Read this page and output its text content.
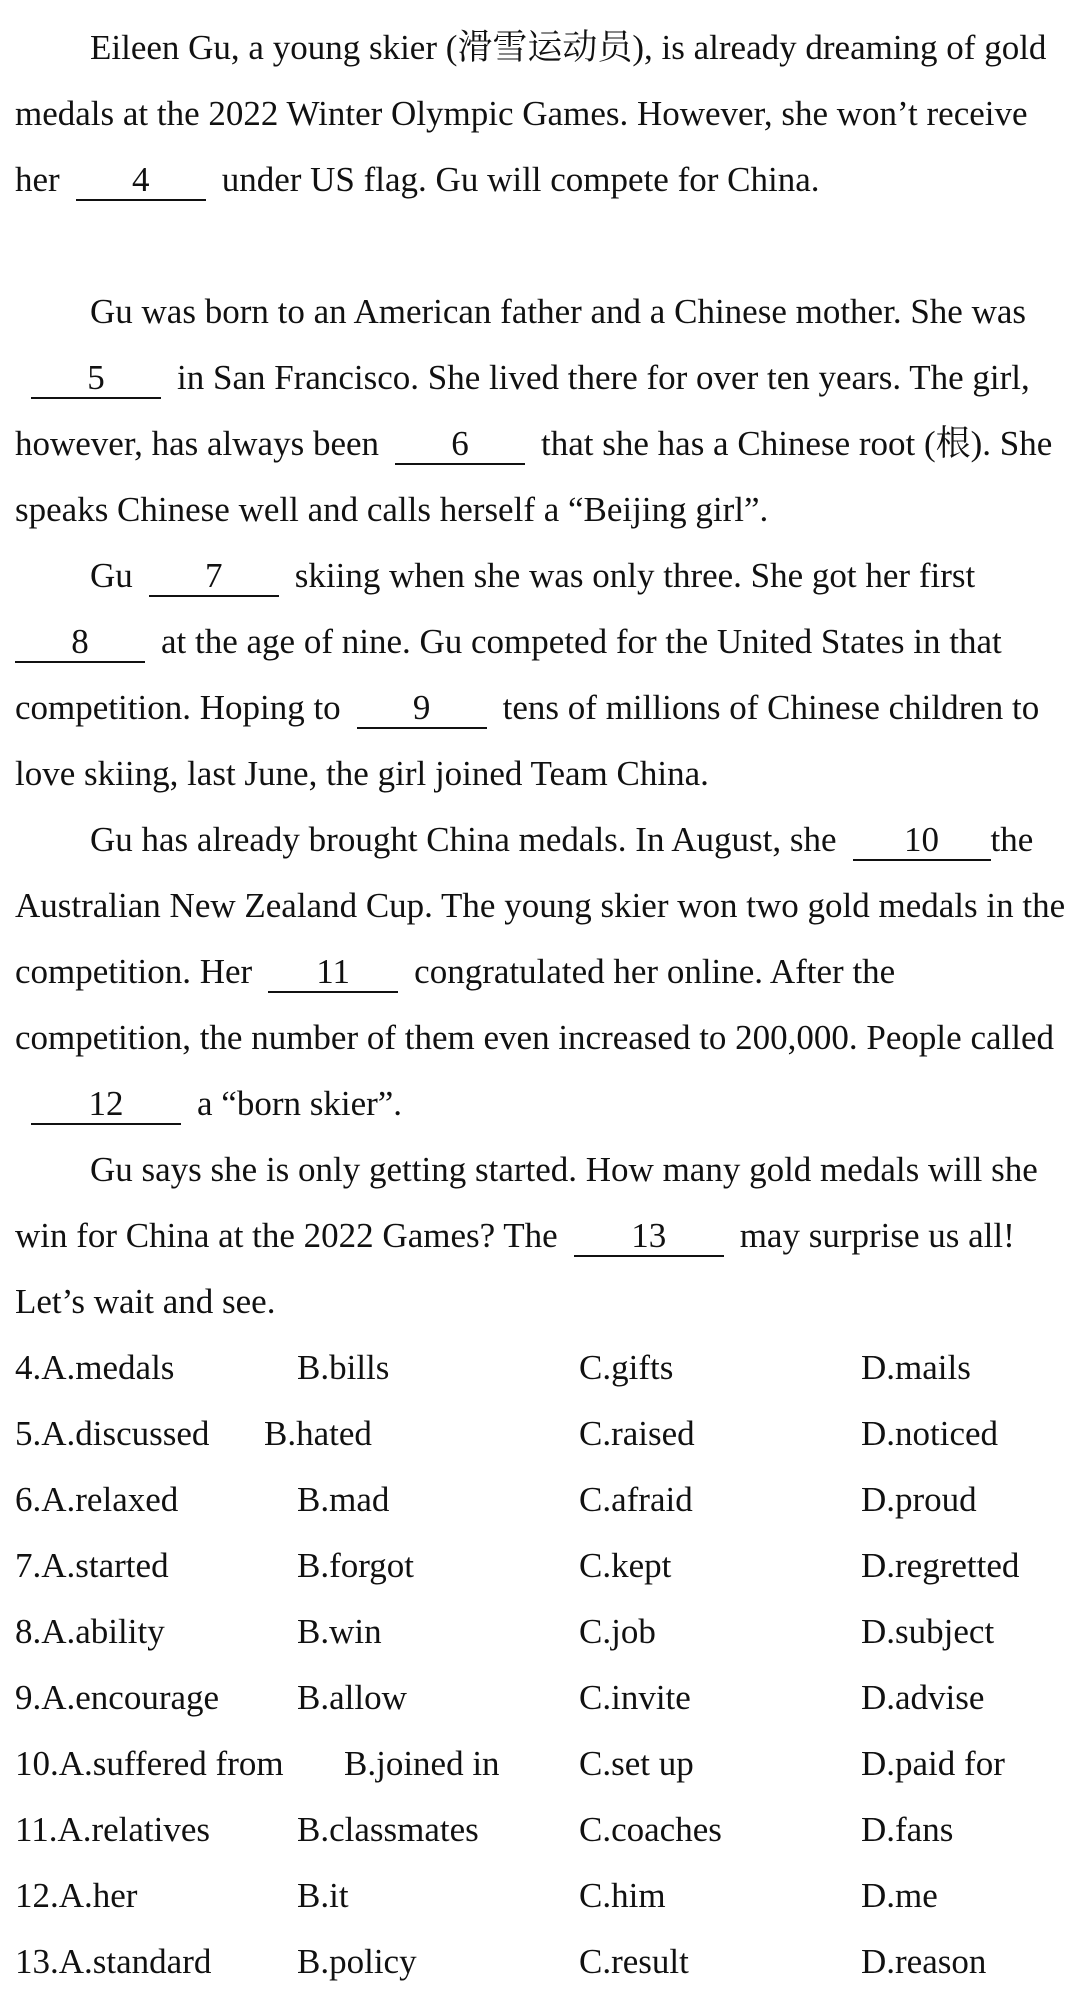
Eileen Gu, a young skier (滑雪运动员), is already dreaming of gold medals at the 2022 Winter Olympic Games. However, she won’t receive her 4 under US flag. Gu will compete for China.

Gu was born to an American father and a Chinese mother. She was5 in San Francisco. She lived there for over ten years. The girl, however, has always been 6 that she has a Chinese root (根). She speaks Chinese well and calls herself a “Beijing girl”.

Gu 7 skiing when she was only three. She got her first8 at the age of nine. Gu competed for the United States in that competition. Hoping to 9 tens of millions of Chinese children to love skiing, last June, the girl joined Team China.

Gu has already brought China medals. In August, she 10 the Australian New Zealand Cup. The young skier won two gold medals in the competition. Her 11 congratulated her online. After the competition, the number of them even increased to 200,000. People called12 a “born skier”.

Gu says she is only getting started. How many gold medals will she win for China at the 2022 Games? The 13 may surprise us all! Let’s wait and see.

4.A.medals	B.bills	C.gifts	D.mails
5.A.discussed B.hated	C.raised	D.noticed
6.A.relaxed	B.mad	C.afraid	D.proud
7.A.started	B.forgot	C.kept	D.regretted
8.A.ability	B.win	C.job	D.subject
9.A.encourage B.allow	C.invite	D.advise
10.A.suffered from B.joined in C.set up	D.paid for
11.A.relatives B.classmates	C.coaches	D.fans
12.A.her	B.it	C.him	D.me
13.A.standard B.policy	C.result	D.reason
